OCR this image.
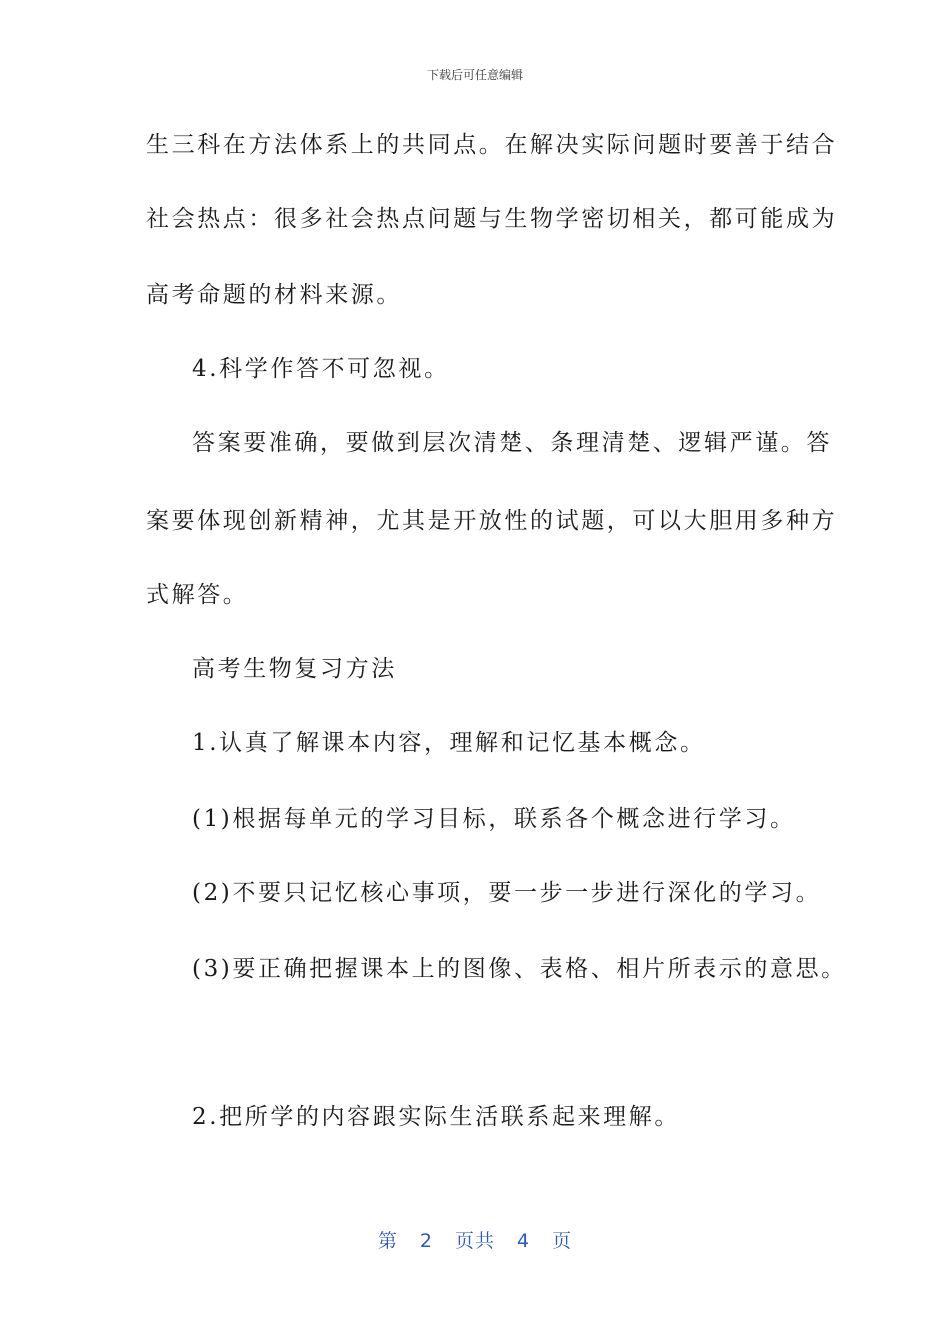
下载后可任意编辑
生三科在方法体系上的共同点。在解决实际问题时要善于结合
社会热点：很多社会热点问题与生物学密切相关，都可能成为
高考命题的材料来源。
4.科学作答不可忽视。
答案要准确，要做到层次清楚、条理清楚、逻辑严谨。答
案要体现创新精神，尤其是开放性的试题，可以大胆用多种方
式解答。
高考生物复习方法
1.认真了解课本内容，理解和记忆基本概念。
(1)根据每单元的学习目标，联系各个概念进行学习。
(2)不要只记忆核心事项，要一步一步进行深化的学习。
(3)要正确把握课本上的图像、表格、相片所表示的意思。
2.把所学的内容跟实际生活联系起来理解。
第 2 页共 4 页
